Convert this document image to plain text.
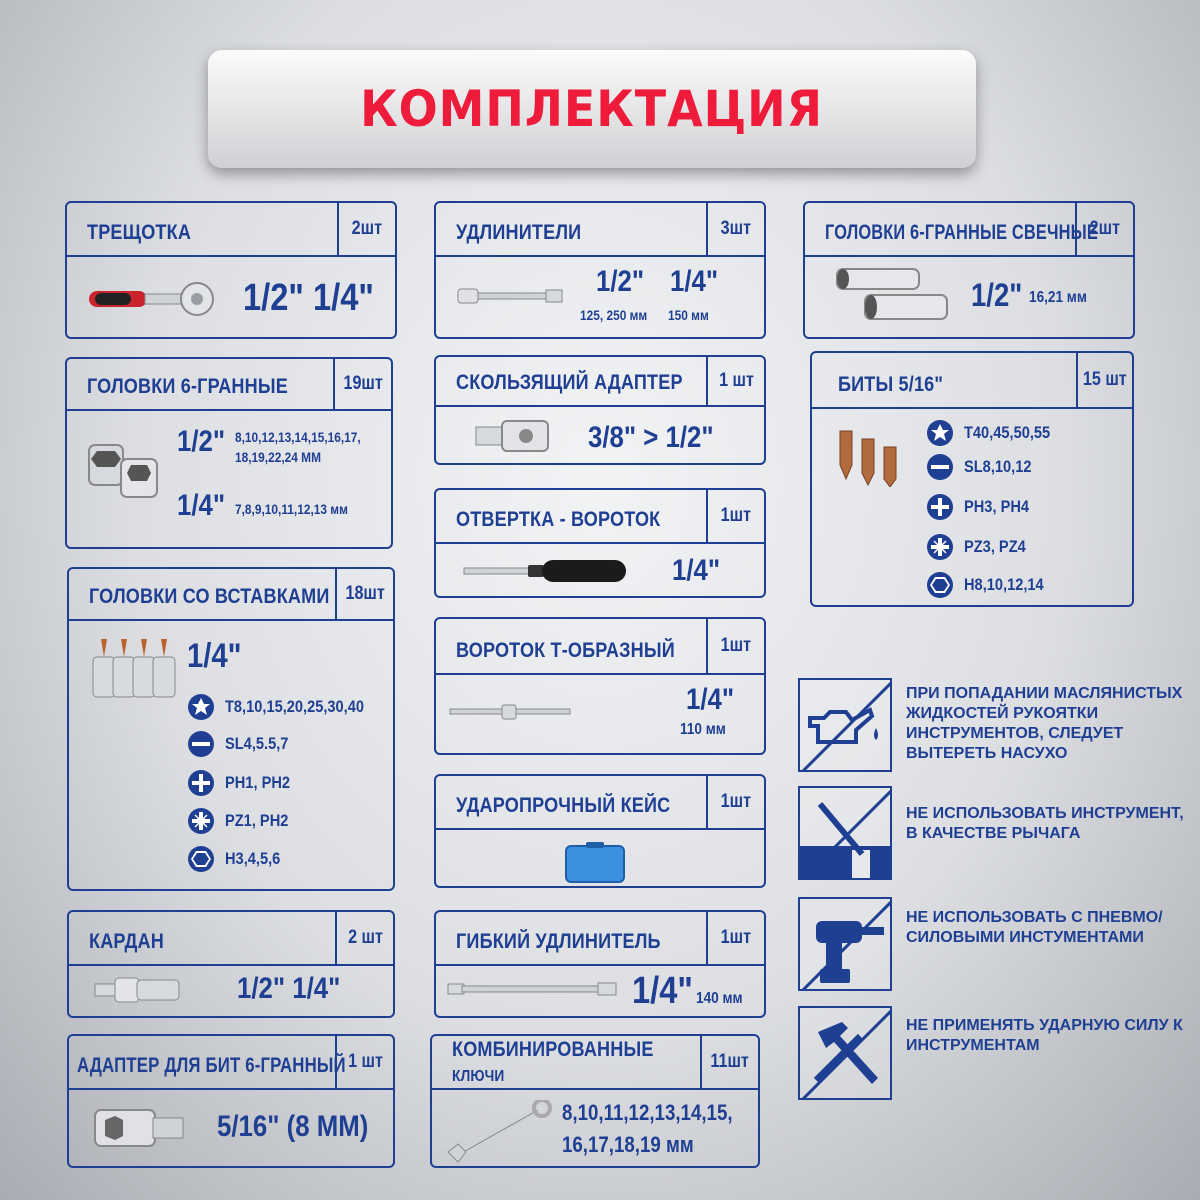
КОМПЛЕКТАЦИЯ
ТРЕЩОТКА	2шт
1/2" 1/4"
ГОЛОВКИ 6-ГРАННЫЕ	19шт
1/2" 8,10,12,13,14,15,16,17,
18,19,22,24 ММ
1/4" 7,8,9,10,11,12,13 мм
ГОЛОВКИ СО ВСТАВКАМИ 18шт
1/4"
T8,10,15,20,25,30,40
SL4,5.5,7
PH1, PH2
PZ1, PH2
H3,4,5,6
КАРДАН	2 шт
1/2" 1/4"
АДАПТЕР ДЛЯ БИТ 6-ГРАННЫЙ 1 шт
5/16" (8 ММ)
УДЛИНИТЕЛИ	3шт
1/2" 1/4"
125, 250 мм 150 мм
СКОЛЬЗЯЩИЙ АДАПТЕР 1 шт
3/8" > 1/2"
ОТВЕРТКА - ВОРОТОК	1шт
1/4"
ВОРОТОК Т-ОБРАЗНЫЙ 1шт
1/4"
110 мм
УДАРОПРОЧНЫЙ КЕЙС	1шт
ГИБКИЙ УДЛИНИТЕЛЬ	1шт
1/4" 140 мм
КОМБИНИРОВАННЫЕ
КЛЮЧИ
11шт
8,10,11,12,13,14,15,
16,17,18,19 мм
ГОЛОВКИ 6-ГРАННЫЕ СВЕЧНЫЕ
2шт
1/2" 16,21 мм
БИТЫ 5/16"	15 шт
T40,45,50,55
SL8,10,12
PH3, PH4
PZ3, PZ4
H8,10,12,14
ПРИ ПОПАДАНИИ МАСЛЯНИСТЫХ ЖИДКОСТЕЙ РУКОЯТКИ ИНСТРУМЕНТОВ, СЛЕДУЕТ ВЫТЕРЕТЬ НАСУХО
НЕ ИСПОЛЬЗОВАТЬ ИНСТРУМЕНТ, В КАЧЕСТВЕ РЫЧАГА
НЕ ИСПОЛЬЗОВАТЬ С ПНЕВМО/СИЛОВЫМИ ИНСТУМЕНТАМИ
НЕ ПРИМЕНЯТЬ УДАРНУЮ СИЛУ К ИНСТРУМЕНТАМ
